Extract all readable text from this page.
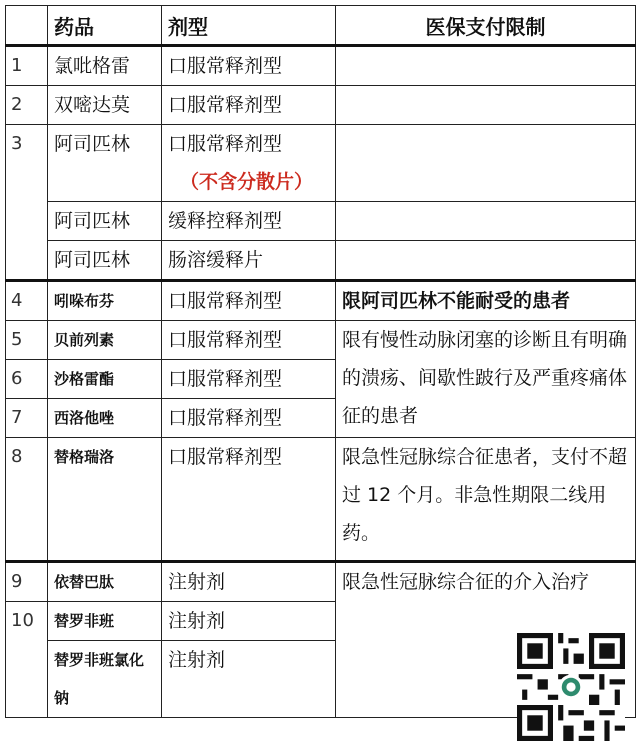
	药品	剂型	医保支付限制
1	氯吡格雷	口服常释剂型	
2	双嘧达莫	口服常释剂型	
3	阿司匹林	口服常释剂型
（不含分散片）	

	阿司匹林	缓释控释剂型	
	阿司匹林	肠溶缓释片	
4	吲哚布芬	口服常释剂型	限阿司匹林不能耐受的患者
5	贝前列素	口服常释剂型	限有慢性动脉闭塞的诊断且有明确的溃疡、间歇性跛行及严重疼痛体征的患者
6	沙格雷酯	口服常释剂型	
7	西洛他唑	口服常释剂型	
8	替格瑞洛	口服常释剂型	限急性冠脉综合征患者，支付不超过 12 个月。非急性期限二线用药。
9	依替巴肽	注射剂	限急性冠脉综合征的介入治疗
10	替罗非班	注射剂	
	替罗非班氯化钠	注射剂	
